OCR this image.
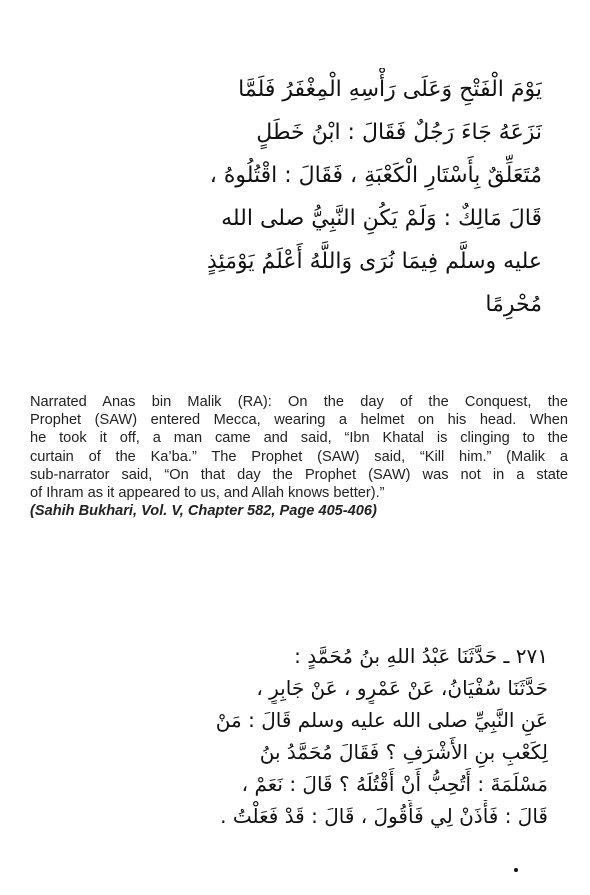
يَوْمَ الْفَتْحِ وَعَلَى رَأْسِهِ الْمِغْفَرُ فَلَمَّا
نَزَعَهُ جَاءَ رَجُلٌ فَقَالَ : ابْنُ خَطَلٍ
مُتَعَلِّقٌ بِأَسْتَارِ الْكَعْبَةِ ، فَقَالَ : اقْتُلُوهُ ،
قَالَ مَالِكٌ : وَلَمْ يَكُنِ النَّبِيُّ صلى الله
عليه وسلَّم فِيمَا نُرَى وَاللَّهُ أَعْلَمُ يَوْمَئِذٍ
مُحْرِمًا
Narrated Anas bin Malik (RA): On the day of the Conquest, the
Prophet (SAW) entered Mecca, wearing a helmet on his head. When
he took it off, a man came and said, “Ibn Khatal is clinging to the
curtain of the Ka’ba.” The Prophet (SAW) said, “Kill him.” (Malik a
sub-narrator said, “On that day the Prophet (SAW) was not in a state
of Ihram as it appeared to us, and Allah knows better).”
(Sahih Bukhari, Vol. V, Chapter 582, Page 405-406)
٢٧١ ـ حَدَّثَنَا عَبْدُ اللهِ بنُ مُحَمَّدٍ :
حَدَّثَنَا سُفْيَانُ، عَنْ عَمْرٍو ، عَنْ جَابِرٍ ،
عَنِ النَّبِيِّ صلى الله عليه وسلم قَالَ : مَنْ
لِكَعْبِ بنِ الأَشْرَفِ ؟ فَقَالَ مُحَمَّدُ بنُ
مَسْلَمَةَ : أَتُحِبُّ أَنْ أَقْتُلَهُ ؟ قَالَ : نَعَمْ ،
قَالَ : فَأْذَنْ لِي فَأَقُولَ ، قَالَ : قَدْ فَعَلْتُ .
